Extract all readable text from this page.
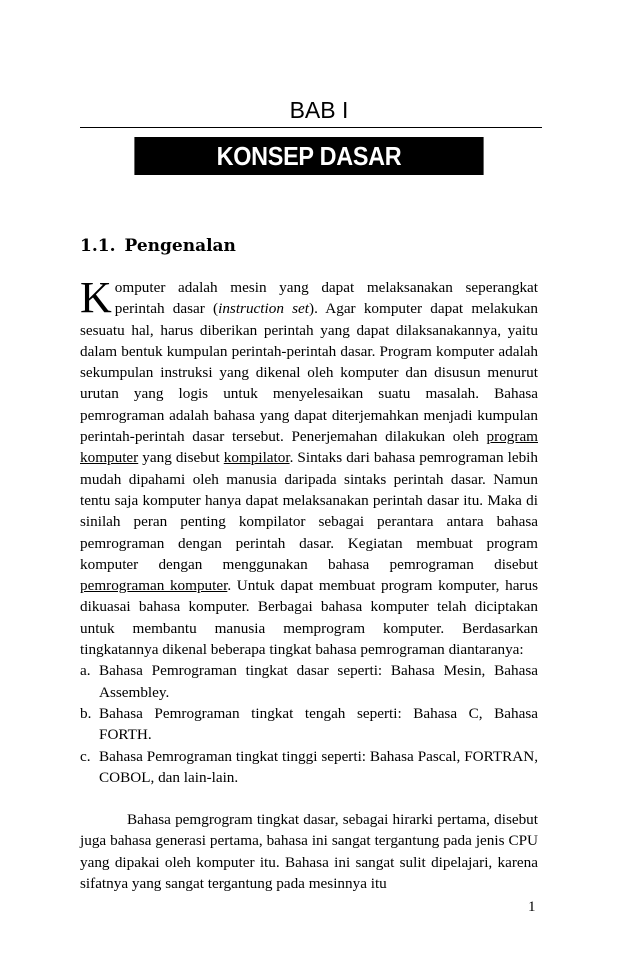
BAB I
KONSEP DASAR PEMROGRAMAN
1.1. Pengenalan

Komputer adalah mesin yang dapat melaksanakan seperangkat perintah dasar (instruction set). Agar komputer dapat melakukan sesuatu hal, harus diberikan perintah yang dapat dilaksanakannya, yaitu dalam bentuk kumpulan perintah-perintah dasar. Program komputer adalah sekumpulan instruksi yang dikenal oleh komputer dan disusun menurut urutan yang logis untuk menyelesaikan suatu masalah. Bahasa pemrograman adalah bahasa yang dapat diterjemahkan menjadi kumpulan perintah-perintah dasar tersebut. Penerjemahan dilakukan oleh program komputer yang disebut kompilator. Sintaks dari bahasa pemrograman lebih mudah dipahami oleh manusia daripada sintaks perintah dasar. Namun tentu saja komputer hanya dapat melaksanakan perintah dasar itu. Maka di sinilah peran penting kompilator sebagai perantara antara bahasa pemrograman dengan perintah dasar. Kegiatan membuat program komputer dengan menggunakan bahasa pemrograman disebut pemrograman komputer. Untuk dapat membuat program komputer, harus dikuasai bahasa komputer. Berbagai bahasa komputer telah diciptakan untuk membantu manusia memprogram komputer. Berdasarkan tingkatannya dikenal beberapa tingkat bahasa pemrograman diantaranya:

a. Bahasa Pemrograman tingkat dasar seperti: Bahasa Mesin, Bahasa Assembley.
b. Bahasa Pemrograman tingkat tengah seperti: Bahasa C, Bahasa FORTH.
c. Bahasa Pemrograman tingkat tinggi seperti: Bahasa Pascal, FORTRAN, COBOL, dan lain-lain.

Bahasa pemgrogram tingkat dasar, sebagai hirarki pertama, disebut juga bahasa generasi pertama, bahasa ini sangat tergantung pada jenis CPU yang dipakai oleh komputer itu. Bahasa ini sangat sulit dipelajari, karena sifatnya yang sangat tergantung pada mesinnya itu

1
